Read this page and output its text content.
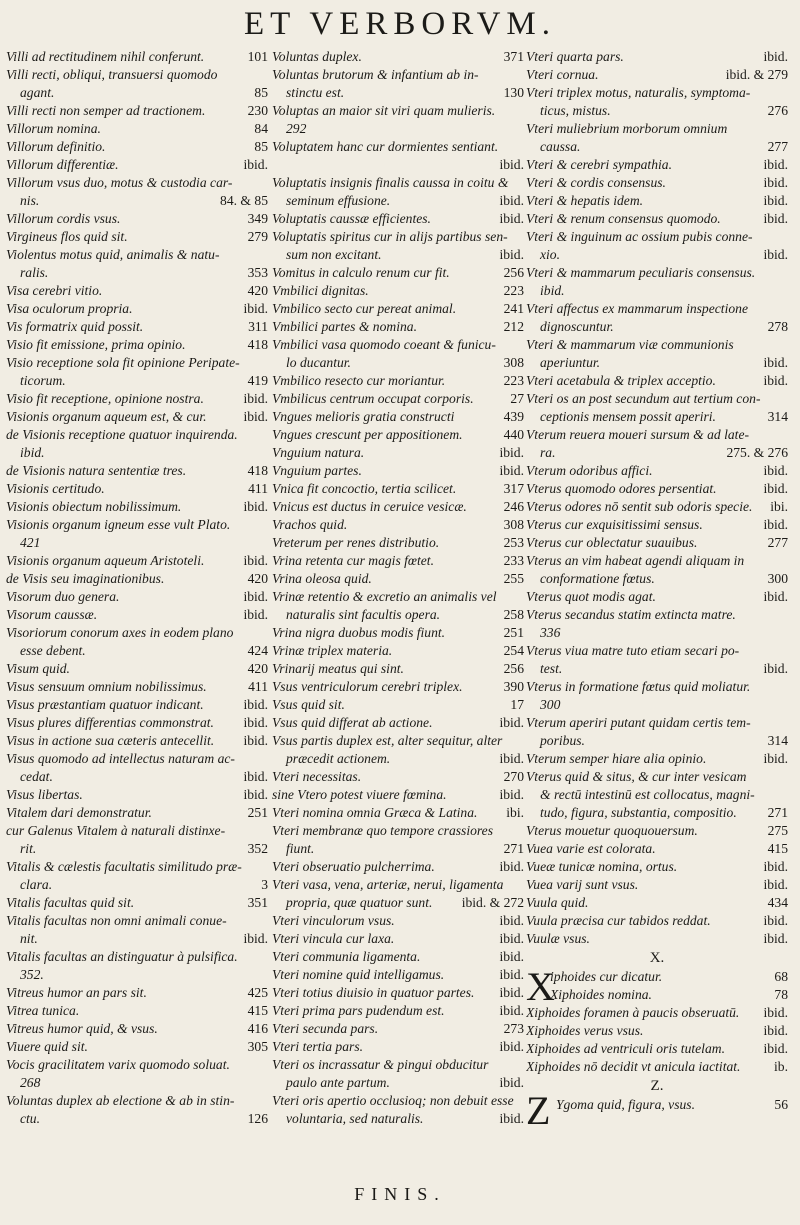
ET VERBORVM.
Villi ad rectitudinem nihil conferunt.	101
Villi recti, obliqui, transuersi quomodo
agant.	85
Villi recti non semper ad tractionem.	230
Villorum nomina.	84
Villorum definitio.	85
Villorum differentiæ.	ibid.
Villorum vsus duo, motus & custodia car-
nis.	84. & 85
Villorum cordis vsus.	349
Virgineus flos quid sit.	279
Violentus motus quid, animalis & natu-
ralis.	353
Visa cerebri vitio.	420
Visa oculorum propria.	ibid.
Vis formatrix quid possit.	311
Visio fit emissione, prima opinio.	418
Visio receptione sola fit opinione Peripate-
ticorum.	419
Visio fit receptione, opinione nostra.	ibid.
Visionis organum aqueum est, & cur.	ibid.
de Visionis receptione quatuor inquirenda.
ibid.
de Visionis natura sententiæ tres.	418
Visionis certitudo.	411
Visionis obiectum nobilissimum.	ibid.
Visionis organum igneum esse vult Plato.
421
Visionis organum aqueum Aristoteli.	ibid.
de Visis seu imaginationibus.	420
Visorum duo genera.	ibid.
Visorum caussæ.	ibid.
Visoriorum conorum axes in eodem plano
esse debent.	424
Visum quid.	420
Visus sensuum omnium nobilissimus.	411
Visus præstantiam quatuor indicant.	ibid.
Visus plures differentias commonstrat. ibid.
Visus in actione sua cæteris antecellit. ibid.
Visus quomodo ad intellectus naturam ac-
cedat.	ibid.
Visus libertas.	ibid.
Vitalem dari demonstratur.	251
cur Galenus Vitalem à naturali distinxe-
rit.	352
Vitalis & cælestis facultatis similitudo præ-
clara.	3
Vitalis facultas quid sit.	351
Vitalis facultas non omni animali conue-
nit.	ibid.
Vitalis facultas an distinguatur à pulsifica.
352.
Vitreus humor an pars sit.	425
Vitrea tunica.	415
Vitreus humor quid, & vsus.	416
Viuere quid sit.	305
Vocis gracilitatem varix quomodo soluat.
268
Voluntas duplex ab electione & ab in stin-
ctu.	126
Voluntas duplex.	371
Voluntas brutorum & infantium ab in-
stinctu est.	130
Voluptas an maior sit viri quam mulieris.
292
Voluptatem hanc cur dormientes sentiant.
ibid.
Voluptatis insignis finalis caussa in coitu &
seminum effusione.	ibid.
Voluptatis caussæ efficientes.	ibid.
Voluptatis spiritus cur in alijs partibus sen-
sum non excitant.	ibid.
Vomitus in calculo renum cur fit.	256
Vmbilici dignitas.	223
Vmbilico secto cur pereat animal.	241
Vmbilici partes & nomina.	212
Vmbilici vasa quomodo coeant & funicu-
lo ducantur.	308
Vmbilico resecto cur moriantur.	223
Vmbilicus centrum occupat corporis.	27
Vngues melioris gratia constructi	439
Vngues crescunt per appositionem.	440
Vnguium natura.	ibid.
Vnguium partes.	ibid.
Vnica fit concoctio, tertia scilicet.	317
Vnicus est ductus in ceruice vesicæ.	246
Vrachos quid.	308
Vreterum per renes distributio.	253
Vrina retenta cur magis fœtet.	233
Vrina oleosa quid.	255
Vrinæ retentio & excretio an animalis vel
naturalis sint facultis opera.	258
Vrina nigra duobus modis fiunt.	251
Vrinæ triplex materia.	254
Vrinarij meatus qui sint.	256
Vsus ventriculorum cerebri triplex.	390
Vsus quid sit.	17
Vsus quid differat ab actione.	ibid.
Vsus partis duplex est, alter sequitur, alter
præcedit actionem.	ibid.
Vteri necessitas.	270
sine Vtero potest viuere fœmina.	ibid.
Vteri nomina omnia Græca & Latina. ibi.
Vteri membranæ quo tempore crassiores
fiunt.	271
Vteri obseruatio pulcherrima.	ibid.
Vteri vasa, vena, arteriæ, nerui, ligamenta
propria, quæ quatuor sunt. ibid. & 272
Vteri vinculorum vsus.	ibid.
Vteri vincula cur laxa.	ibid.
Vteri communia ligamenta.	ibid.
Vteri nomine quid intelligamus.	ibid.
Vteri totius diuisio in quatuor partes. ibid.
Vteri prima pars pudendum est.	ibid.
Vteri secunda pars.	273
Vteri tertia pars.	ibid.
Vteri os incrassatur & pingui obducitur
paulo ante partum.	ibid.
Vteri oris apertio occlusioq; non debuit esse
voluntaria, sed naturalis.	ibid.
Vteri quarta pars.	ibid.
Vteri cornua.	ibid. & 279
Vteri triplex motus, naturalis, symptoma-
ticus, mistus.	276
Vteri muliebrium morborum omnium
caussa.	277
Vteri & cerebri sympathia.	ibid.
Vteri & cordis consensus.	ibid.
Vteri & hepatis idem.	ibid.
Vteri & renum consensus quomodo.	ibid.
Vteri & inguinum ac ossium pubis conne-
xio.	ibid.
Vteri & mammarum peculiaris consensus.
ibid.
Vteri affectus ex mammarum inspectione
dignoscuntur.	278
Vteri & mammarum viæ communionis
aperiuntur.	ibid.
Vteri acetabula & triplex acceptio.	ibid.
Vteri os an post secundum aut tertium con-
ceptionis mensem possit aperiri.	314
Vterum reuera moueri sursum & ad late-
ra.	275. & 276
Vterum odoribus affici.	ibid.
Vterus quomodo odores persentiat.	ibid.
Vterus odores nō sentit sub odoris specie. ibi.
Vterus cur exquisitissimi sensus.	ibid.
Vterus cur oblectatur suauibus.	277
Vterus an vim habeat agendi aliquam in
conformatione fœtus.	300
Vterus quot modis agat.	ibid.
Vterus secandus statim extincta matre.
336
Vterus viua matre tuto etiam secari po-
test.	ibid.
Vterus in formatione fœtus quid moliatur.
300
Vterum aperiri putant quidam certis tem-
poribus.	314
Vterum semper hiare alia opinio.	ibid.
Vterus quid & situs, & cur inter vesicam
& rectū intestinū est collocatus, magni-
tudo, figura, substantia, compositio. 271
Vterus mouetur quoquouersum.	275
Vuea varie est colorata.	415
Vueæ tunicæ nomina, ortus.	ibid.
Vuea varij sunt vsus.	ibid.
Vuula quid.	434
Vuula præcisa cur tabidos reddat.	ibid.
Vuulæ vsus.	ibid.
X.
X
iphoides cur dicatur.	68
Xiphoides nomina.	78
Xiphoides foramen à paucis obseruatū. ibid.
Xiphoides verus vsus.	ibid.
Xiphoides ad ventriculi oris tutelam.	ibid.
Xiphoides nō decidit vt anicula iactitat. ib.
Z.
Z Ygoma quid, figura, vsus.	56
FINIS.
